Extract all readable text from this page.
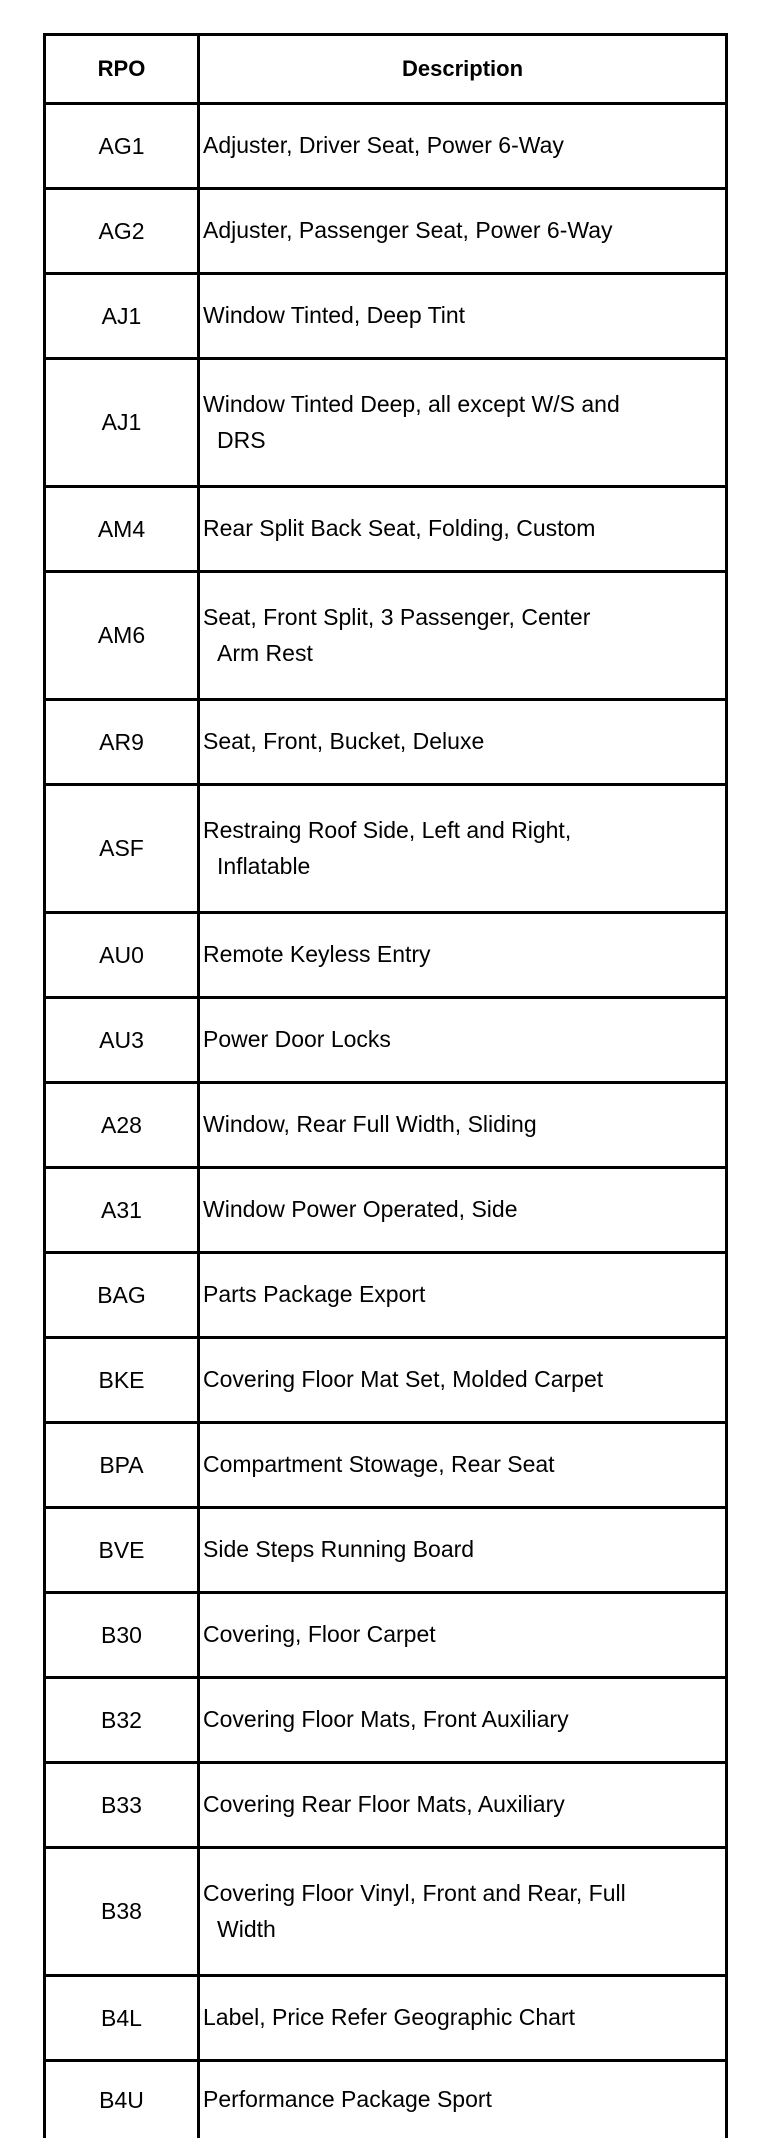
RPO	Description
AG1	Adjuster, Driver Seat, Power 6-Way

AG2	Adjuster, Passenger Seat, Power 6-Way

AJ1	Window Tinted, Deep Tint

AJ1	Window Tinted Deep, all except W/S and
DRS

AM4	Rear Split Back Seat, Folding, Custom

AM6	Seat, Front Split, 3 Passenger, Center
Arm Rest

AR9	Seat, Front, Bucket, Deluxe

ASF	Restraing Roof Side, Left and Right,
Inflatable

AU0	Remote Keyless Entry

AU3	Power Door Locks

A28	Window, Rear Full Width, Sliding

A31	Window Power Operated, Side

BAG	Parts Package Export

BKE	Covering Floor Mat Set, Molded Carpet

BPA	Compartment Stowage, Rear Seat

BVE	Side Steps Running Board

B30	Covering, Floor Carpet

B32	Covering Floor Mats, Front Auxiliary

B33	Covering Rear Floor Mats, Auxiliary

B38	Covering Floor Vinyl, Front and Rear, Full
Width

B4L	Label, Price Refer Geographic Chart

B4U	Performance Package Sport
